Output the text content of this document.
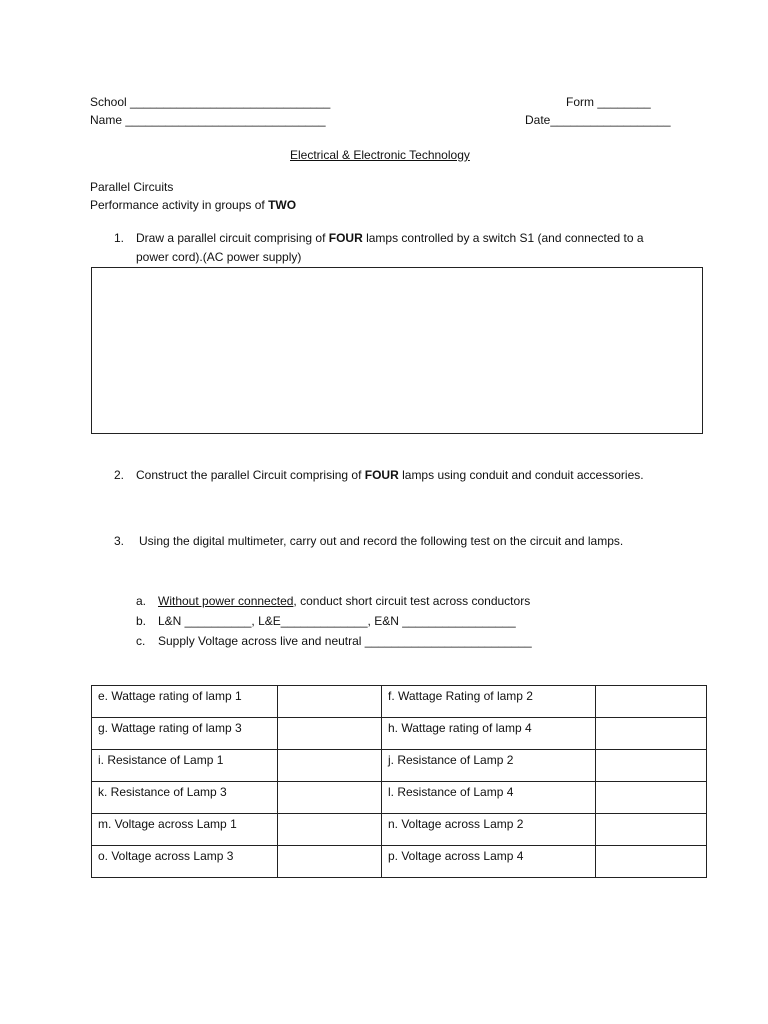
School ______________________________	Form ________
Name ______________________________	Date__________________
Electrical & Electronic Technology
Parallel Circuits
Performance activity in groups of TWO
1. Draw a parallel circuit comprising of FOUR lamps controlled by a switch S1 (and connected to a
power cord).(AC power supply)
2. Construct the parallel Circuit comprising of FOUR lamps using conduit and conduit accessories.
3. Using the digital multimeter, carry out and record the following test on the circuit and lamps.
a. Without power connected, conduct short circuit test across conductors
b. L&N __________, L&E_____________, E&N _________________
c. Supply Voltage across live and neutral _________________________
e. Wattage rating of lamp 1		f. Wattage Rating of lamp 2	
g. Wattage rating of lamp 3		h. Wattage rating of lamp 4	
i. Resistance of Lamp 1		j. Resistance of Lamp 2	
k. Resistance of Lamp 3		l. Resistance of Lamp 4	
m. Voltage across Lamp 1		n. Voltage across Lamp 2	
o. Voltage across Lamp 3		p. Voltage across Lamp 4	
